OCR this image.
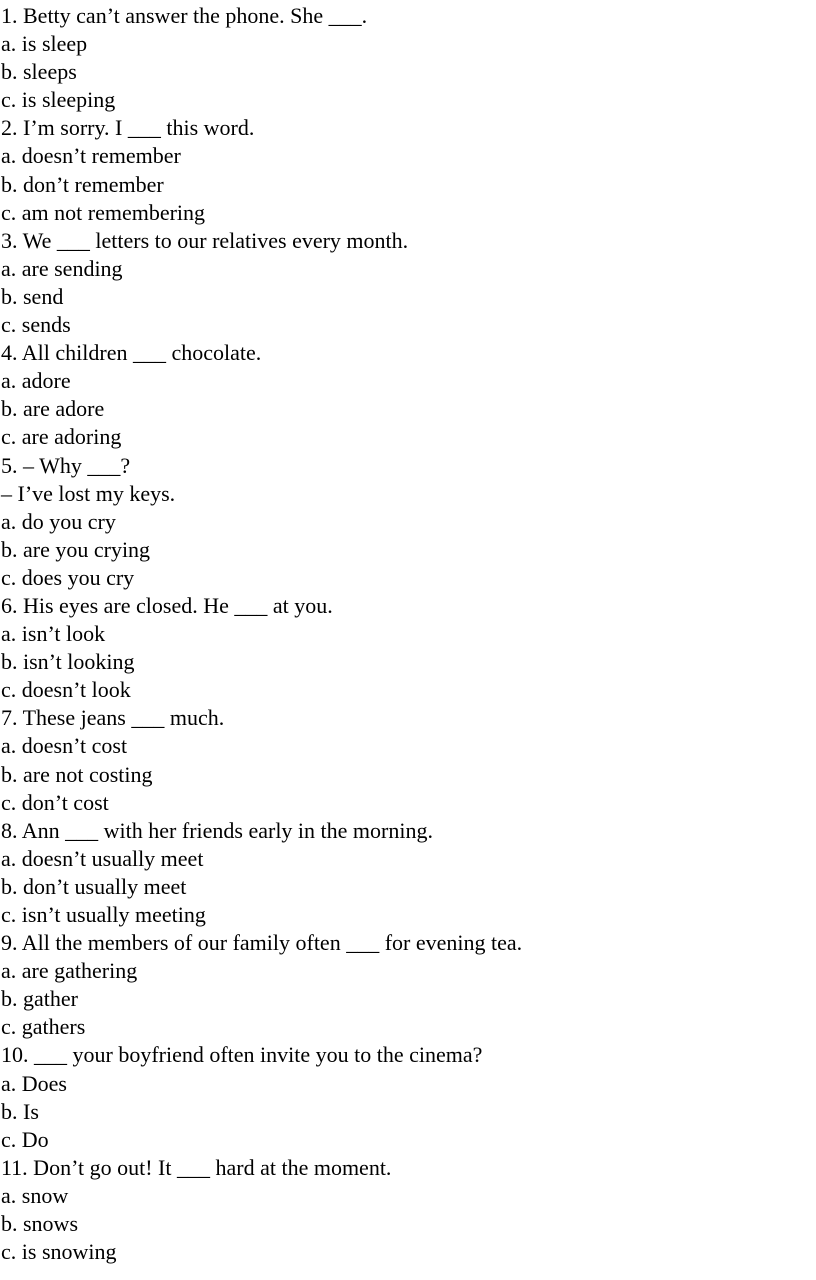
1. Betty can’t answer the phone. She ___.
a. is sleep
b. sleeps
c. is sleeping
2. I’m sorry. I ___ this word.
a. doesn’t remember
b. don’t remember
c. am not remembering
3. We ___ letters to our relatives every month.
a. are sending
b. send
c. sends
4. All children ___ chocolate.
a. adore
b. are adore
c. are adoring
5. – Why ___?
– I’ve lost my keys.
a. do you cry
b. are you crying
c. does you cry
6. His eyes are closed. He ___ at you.
a. isn’t look
b. isn’t looking
c. doesn’t look
7. These jeans ___ much.
a. doesn’t cost
b. are not costing
c. don’t cost
8. Ann ___ with her friends early in the morning.
a. doesn’t usually meet
b. don’t usually meet
c. isn’t usually meeting
9. All the members of our family often ___ for evening tea.
a. are gathering
b. gather
c. gathers
10. ___ your boyfriend often invite you to the cinema?
a. Does
b. Is
c. Do
11. Don’t go out! It ___ hard at the moment.
a. snow
b. snows
c. is snowing
